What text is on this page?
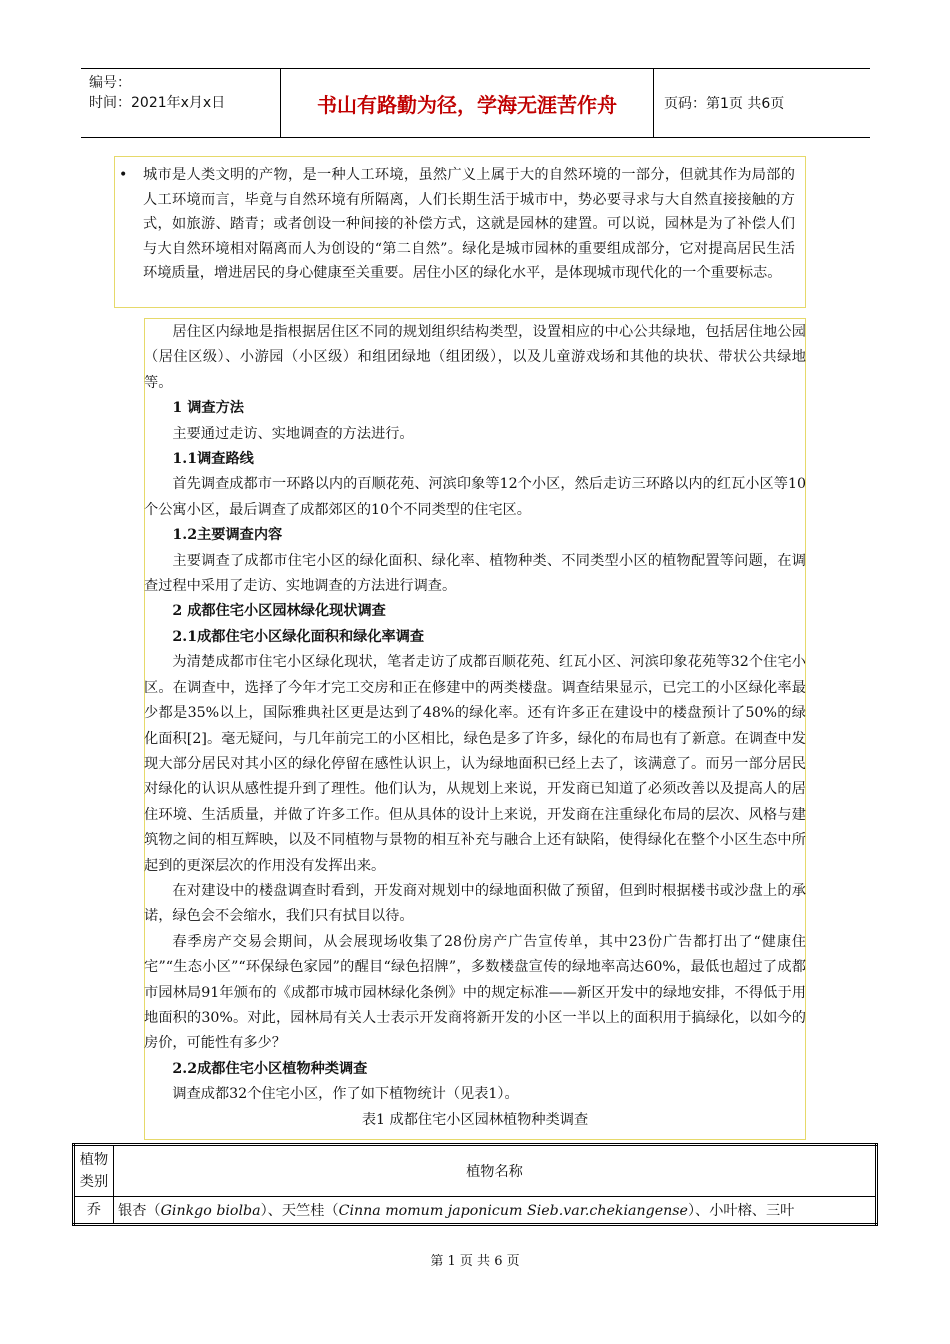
编号：
时间：2021年x月x日	书山有路勤为径，学海无涯苦作舟	页码：第1页 共6页
• 城市是人类文明的产物，是一种人工环境，虽然广义上属于大的自然环境的一部分，但就其作为局部的人工环境而言，毕竟与自然环境有所隔离，人们长期生活于城市中，势必要寻求与大自然直接接触的方式，如旅游、踏青；或者创设一种间接的补偿方式，这就是园林的建置。可以说，园林是为了补偿人们与大自然环境相对隔离而人为创设的“第二自然”。绿化是城市园林的重要组成部分，它对提高居民生活环境质量，增进居民的身心健康至关重要。居住小区的绿化水平，是体现城市现代化的一个重要标志。

居住区内绿地是指根据居住区不同的规划组织结构类型，设置相应的中心公共绿地，包括居住地公园（居住区级）、小游园（小区级）和组团绿地（组团级），以及儿童游戏场和其他的块状、带状公共绿地等。

1 调查方法

主要通过走访、实地调查的方法进行。

1.1调查路线

首先调查成都市一环路以内的百顺花苑、河滨印象等12个小区，然后走访三环路以内的红瓦小区等10个公寓小区，最后调查了成都郊区的10个不同类型的住宅区。

1.2主要调查内容

主要调查了成都市住宅小区的绿化面积、绿化率、植物种类、不同类型小区的植物配置等问题，在调查过程中采用了走访、实地调查的方法进行调查。

2 成都住宅小区园林绿化现状调查

2.1成都住宅小区绿化面积和绿化率调查

为清楚成都市住宅小区绿化现状，笔者走访了成都百顺花苑、红瓦小区、河滨印象花苑等32个住宅小区。在调查中，选择了今年才完工交房和正在修建中的两类楼盘。调查结果显示，已完工的小区绿化率最少都是35%以上，国际雅典社区更是达到了48%的绿化率。还有许多正在建设中的楼盘预计了50%的绿化面积[2]。毫无疑问，与几年前完工的小区相比，绿色是多了许多，绿化的布局也有了新意。在调查中发现大部分居民对其小区的绿化停留在感性认识上，认为绿地面积已经上去了，该满意了。而另一部分居民对绿化的认识从感性提升到了理性。他们认为，从规划上来说，开发商已知道了必须改善以及提高人的居住环境、生活质量，并做了许多工作。但从具体的设计上来说，开发商在注重绿化布局的层次、风格与建筑物之间的相互辉映，以及不同植物与景物的相互补充与融合上还有缺陷，使得绿化在整个小区生态中所起到的更深层次的作用没有发挥出来。

在对建设中的楼盘调查时看到，开发商对规划中的绿地面积做了预留，但到时根据楼书或沙盘上的承诺，绿色会不会缩水，我们只有拭目以待。

春季房产交易会期间，从会展现场收集了28份房产广告宣传单，其中23份广告都打出了“健康住宅”“生态小区”“环保绿色家园”的醒目“绿色招牌”，多数楼盘宣传的绿地率高达60%，最低也超过了成都市园林局91年颁布的《成都市城市园林绿化条例》中的规定标准——新区开发中的绿地安排，不得低于用地面积的30%。对此，园林局有关人士表示开发商将新开发的小区一半以上的面积用于搞绿化，以如今的房价，可能性有多少？

2.2成都住宅小区植物种类调查

调查成都32个住宅小区，作了如下植物统计（见表1）。

表1 成都住宅小区园林植物种类调查

植物类别	植物名称
乔	银杏（Ginkgo biolba）、天竺桂（Cinna momum japonicum Sieb.var.chekiangense）、小叶榕、三叶
第 1 页 共 6 页
